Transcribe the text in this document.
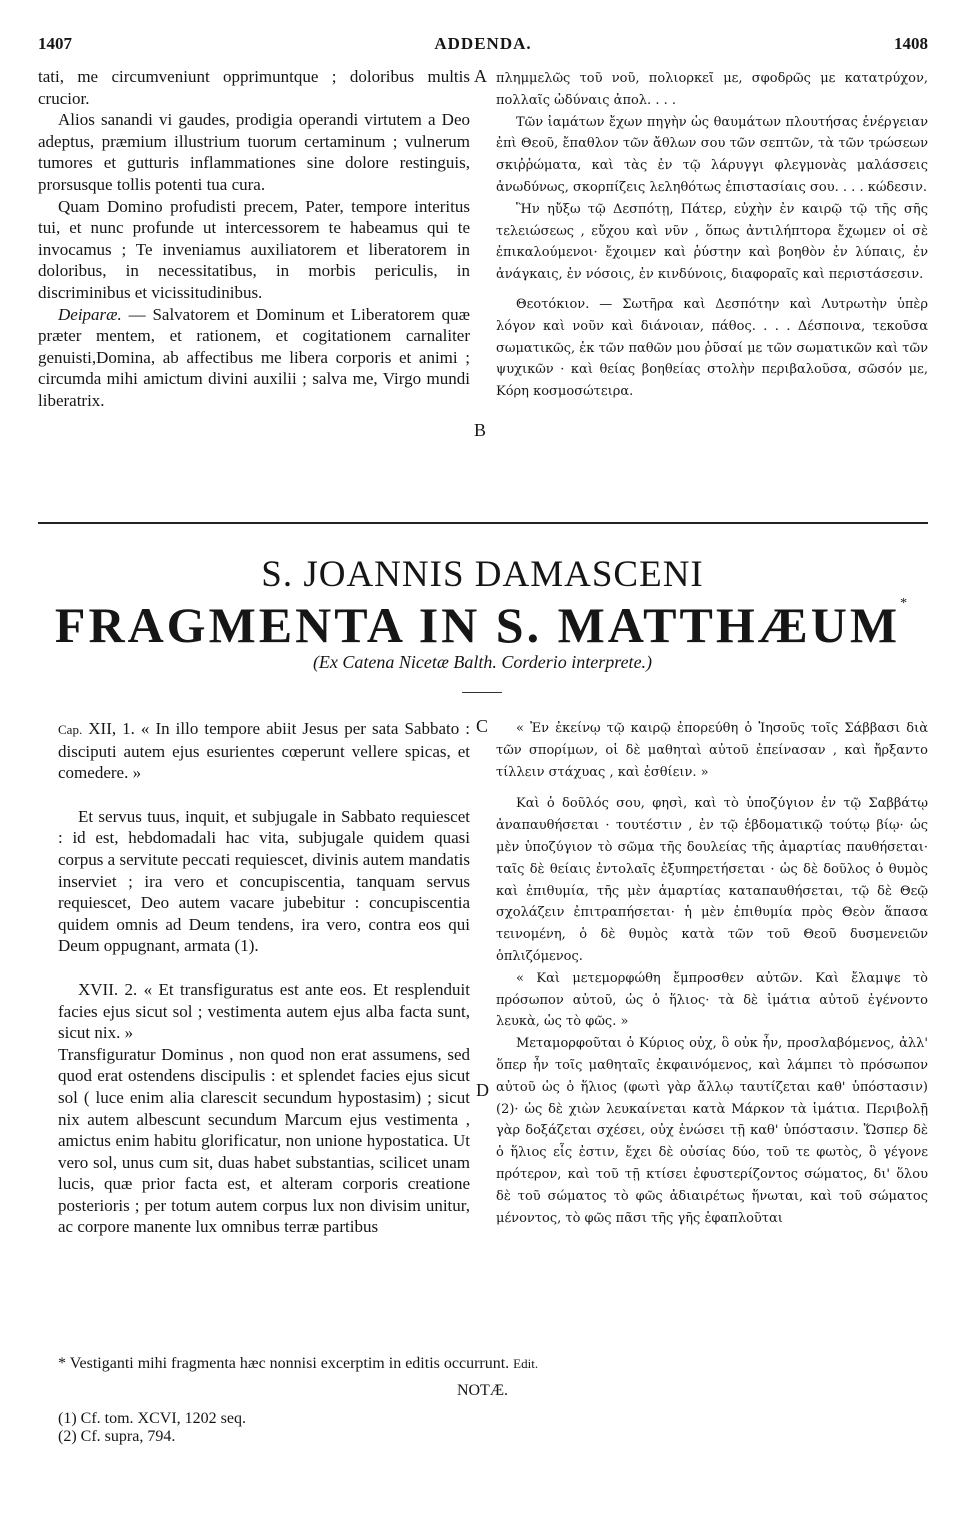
1407	ADDENDA.	1408

tati, me circumveniunt opprimuntque ; doloribus multis crucior.

Alios sanandi vi gaudes, prodigia operandi virtutem a Deo adeptus, præmium illustrium tuorum certaminum ; vulnerum tumores et gutturis inflammationes sine dolore restinguis, prorsusque tollis potenti tua cura.

Quam Domino profudisti precem, Pater, tempore interitus tui, et nunc profunde ut intercessorem te habeamus qui te invocamus ; Te inveniamus auxiliatorem et liberatorem in doloribus, in necessitatibus, in morbis periculis, in discriminibus et vicissitudinibus.

Deiparæ. — Salvatorem et Dominum et Liberatorem quæ præter mentem, et rationem, et cogitationem carnaliter genuisti,Domina, ab affectibus me libera corporis et animi ; circumda mihi amictum divini auxilii ; salva me, Virgo mundi liberatrix.

A
B

πλημμελῶς τοῦ νοῦ, πολιορκεῖ με, σφοδρῶς με κατατρύχον, πολλαῖς ὠδύναις ἀπολ. . . .

Τῶν ἰαμάτων ἔχων πηγὴν ὡς θαυμάτων πλουτήσας ἐνέργειαν ἐπὶ Θεοῦ, ἔπαθλον τῶν ἄθλων σου τῶν σεπτῶν, τὰ τῶν τρώσεων σκιῤῥώματα, καὶ τὰς ἐν τῷ λάρυγγι φλεγμονὰς μαλάσσεις ἀνωδύνως, σκορπίζεις λεληθότως ἐπιστασίαις σου. . . . κώδεσιν.

Ἣν ηὔξω τῷ Δεσπότῃ, Πάτερ, εὐχὴν ἐν καιρῷ τῷ τῆς σῆς τελειώσεως , εὔχου καὶ νῦν , ὅπως ἀντιλήπτορα ἔχωμεν οἱ σὲ ἐπικαλούμενοι· ἔχοιμεν καὶ ῥύστην καὶ βοηθὸν ἐν λύπαις, ἐν ἀνάγκαις, ἐν νόσοις, ἐν κινδύνοις, διαφοραῖς καὶ περιστάσεσιν.

Θεοτόκιον. — Σωτῆρα καὶ Δεσπότην καὶ Λυτρωτὴν ὑπὲρ λόγον καὶ νοῦν καὶ διάνοιαν, πάθος. . . . Δέσποινα, τεκοῦσα σωματικῶς, ἐκ τῶν παθῶν μου ῥῦσαί με τῶν σωματικῶν καὶ τῶν ψυχικῶν · καὶ θείας βοηθείας στολὴν περιβαλοῦσα, σῶσόν με, Κόρη κοσμοσώτειρα.

S. JOANNIS DAMASCENI
FRAGMENTA IN S. MATTHÆUM*
(Ex Catena Nicetæ Balth. Corderio interprete.)

Cap. XII, 1. « In illo tempore abiit Jesus per sata Sabbato : disciputi autem ejus esurientes cœperunt vellere spicas, et comedere. »

Et servus tuus, inquit, et subjugale in Sabbato requiescet : id est, hebdomadali hac vita, subjugale quidem quasi corpus a servitute peccati requiescet, divinis autem mandatis inserviet ; ira vero et concupiscentia, tanquam servus requiescet, Deo autem vacare jubebitur : concupiscentia quidem omnis ad Deum tendens, ira vero, contra eos qui Deum oppugnant, armata (1).

XVII. 2. « Et transfiguratus est ante eos. Et resplenduit facies ejus sicut sol ; vestimenta autem ejus alba facta sunt, sicut nix. »

Transfiguratur Dominus , non quod non erat assumens, sed quod erat ostendens discipulis : et splendet facies ejus sicut sol ( luce enim alia clarescit secundum hypostasim) ; sicut nix autem albescunt secundum Marcum ejus vestimenta , amictus enim habitu glorificatur, non unione hypostatica. Ut vero sol, unus cum sit, duas habet substantias, scilicet unam lucis, quæ prior facta est, et alteram corporis creatione posterioris ; per totum autem corpus lux non divisim unitur, ac corpore manente lux omnibus terræ partibus

C
D

« Ἐν ἐκείνῳ τῷ καιρῷ ἐπορεύθη ὁ Ἰησοῦς τοῖς Σάββασι διὰ τῶν σπορίμων, οἱ δὲ μαθηταὶ αὐτοῦ ἐπείνασαν , καὶ ἤρξαντο τίλλειν στάχυας , καὶ ἐσθίειν. »

Καὶ ὁ δοῦλός σου, φησὶ, καὶ τὸ ὑποζύγιον ἐν τῷ Σαββάτῳ ἀναπαυθήσεται · τουτέστιν , ἐν τῷ ἑβδοματικῷ τούτῳ βίῳ· ὡς μὲν ὑποζύγιον τὸ σῶμα τῆς δουλείας τῆς ἁμαρτίας παυθήσεται· ταῖς δὲ θείαις ἐντολαῖς ἐξυπηρετήσεται · ὡς δὲ δοῦλος ὁ θυμὸς καὶ ἐπιθυμία, τῆς μὲν ἁμαρτίας καταπαυθήσεται, τῷ δὲ Θεῷ σχολάζειν ἐπιτραπήσεται· ἡ μὲν ἐπιθυμία πρὸς Θεὸν ἅπασα τεινομένη, ὁ δὲ θυμὸς κατὰ τῶν τοῦ Θεοῦ δυσμενειῶν ὁπλιζόμενος.

« Καὶ μετεμορφώθη ἔμπροσθεν αὐτῶν. Καὶ ἔλαμψε τὸ πρόσωπον αὐτοῦ, ὡς ὁ ἥλιος· τὰ δὲ ἱμάτια αὐτοῦ ἐγένοντο λευκὰ, ὡς τὸ φῶς. »

Μεταμορφοῦται ὁ Κύριος οὐχ, ὃ οὐκ ἦν, προσλαβόμενος, ἀλλ' ὅπερ ἦν τοῖς μαθηταῖς ἐκφαινόμενος, καὶ λάμπει τὸ πρόσωπον αὐτοῦ ὡς ὁ ἥλιος (φωτὶ γὰρ ἄλλῳ ταυτίζεται καθ' ὑπόστασιν) (2)· ὡς δὲ χιὼν λευκαίνεται κατὰ Μάρκον τὰ ἱμάτια. Περιβολῇ γὰρ δοξάζεται σχέσει, οὐχ ἑνώσει τῇ καθ' ὑπόστασιν. Ὥσπερ δὲ ὁ ἥλιος εἷς ἐστιν, ἔχει δὲ οὐσίας δύο, τοῦ τε φωτὸς, ὃ γέγονε πρότερον, καὶ τοῦ τῇ κτίσει ἐφυστερίζοντος σώματος, δι' ὅλου δὲ τοῦ σώματος τὸ φῶς ἀδιαιρέτως ἥνωται, καὶ τοῦ σώματος μένοντος, τὸ φῶς πᾶσι τῆς γῆς ἐφαπλοῦται

* Vestiganti mihi fragmenta hæc nonnisi excerptim in editis occurrunt. Edit.
NOTÆ.
(1) Cf. tom. XCVI, 1202 seq.
(2) Cf. supra, 794.
